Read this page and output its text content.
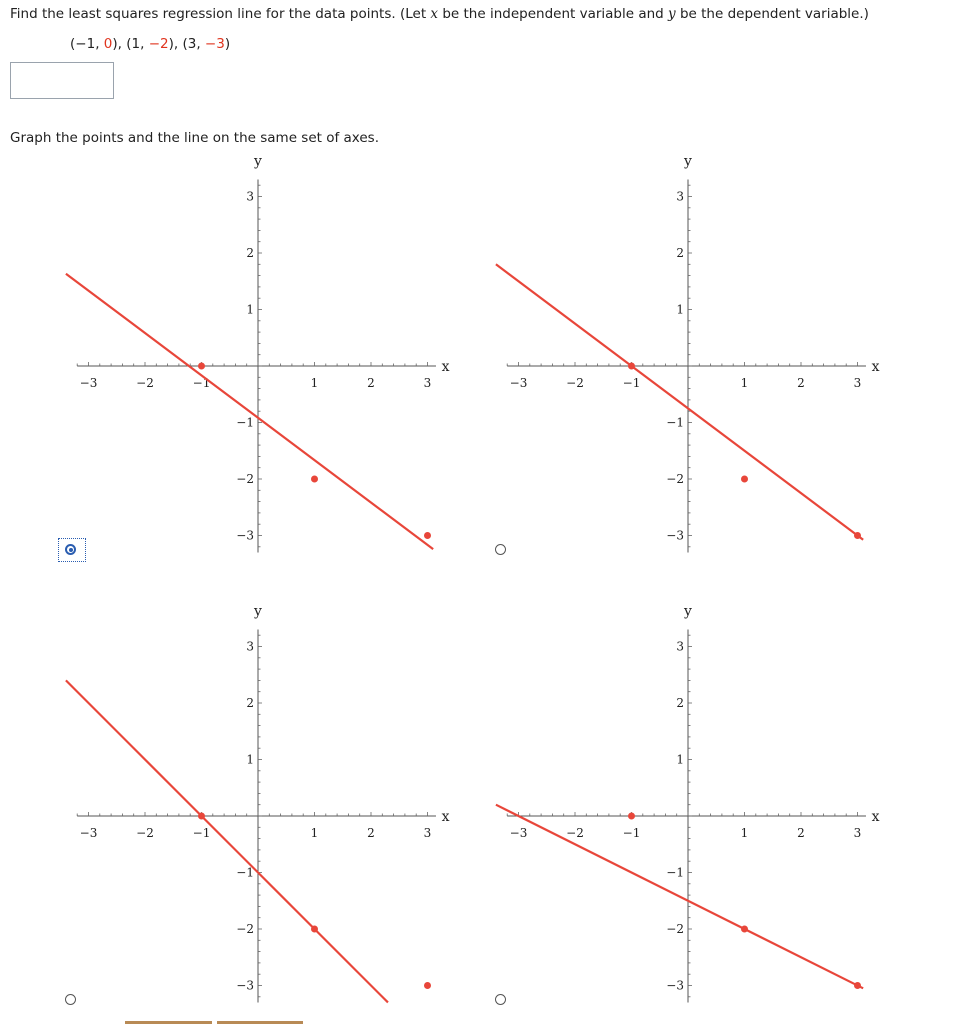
Find the least squares regression line for the data points. (Let x be the independent variable and y be the dependent variable.)
(−1, 0), (1, −2), (3, −3)
Graph the points and the line on the same set of axes.
y
x
−3	−2	−1	1	2	3
3
2
1
−1
−2
−3
y
x
−3	−2	−1	1	2	3
3
2
1
−1
−2
−3
y
x
−3	−2	−1	1	2	3
3
2
1
−1
−2
−3
y
x
−3	−2	−1	1	2	3
3
2
1
−1
−2
−3
